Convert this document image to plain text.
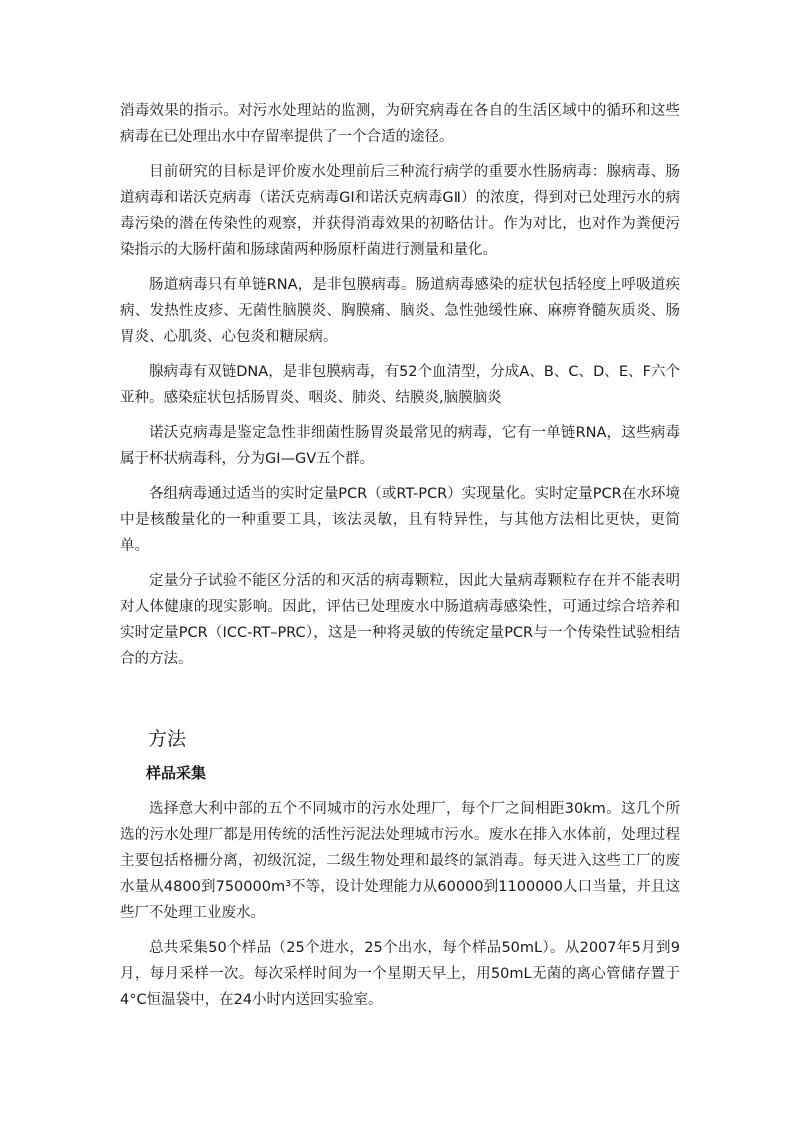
消毒效果的指示。对污水处理站的监测，为研究病毒在各自的生活区域中的循环和这些病毒在已处理出水中存留率提供了一个合适的途径。

目前研究的目标是评价废水处理前后三种流行病学的重要水性肠病毒：腺病毒、肠道病毒和诺沃克病毒（诺沃克病毒GⅠ和诺沃克病毒GⅡ）的浓度，得到对已处理污水的病毒污染的潜在传染性的观察，并获得消毒效果的初略估计。作为对比，也对作为粪便污染指示的大肠杆菌和肠球菌两种肠原杆菌进行测量和量化。

肠道病毒只有单链RNA，是非包膜病毒。肠道病毒感染的症状包括轻度上呼吸道疾病、发热性皮疹、无菌性脑膜炎、胸膜痛、脑炎、急性弛缓性麻、麻痹脊髓灰质炎、肠胃炎、心肌炎、心包炎和糖尿病。

腺病毒有双链DNA，是非包膜病毒，有52个血清型，分成A、B、C、D、E、F六个亚种。感染症状包括肠胃炎、咽炎、肺炎、结膜炎,脑膜脑炎

诺沃克病毒是鉴定急性非细菌性肠胃炎最常见的病毒，它有一单链RNA，这些病毒属于杯状病毒科，分为GⅠ—GⅤ五个群。

各组病毒通过适当的实时定量PCR（或RT-PCR）实现量化。实时定量PCR在水环境中是核酸量化的一种重要工具，该法灵敏，且有特异性，与其他方法相比更快，更简单。

定量分子试验不能区分活的和灭活的病毒颗粒，因此大量病毒颗粒存在并不能表明对人体健康的现实影响。因此，评估已处理废水中肠道病毒感染性，可通过综合培养和实时定量PCR（ICC-RT–PRC），这是一种将灵敏的传统定量PCR与一个传染性试验相结合的方法。

方法
样品采集

选择意大利中部的五个不同城市的污水处理厂，每个厂之间相距30km。这几个所选的污水处理厂都是用传统的活性污泥法处理城市污水。废水在排入水体前，处理过程主要包括格栅分离，初级沉淀，二级生物处理和最终的氯消毒。每天进入这些工厂的废水量从4800到750000m³不等，设计处理能力从60000到1100000人口当量，并且这些厂不处理工业废水。

总共采集50个样品（25个进水，25个出水，每个样品50mL）。从2007年5月到9月，每月采样一次。每次采样时间为一个星期天早上，用50mL无菌的离心管储存置于4°C恒温袋中，在24小时内送回实验室。
